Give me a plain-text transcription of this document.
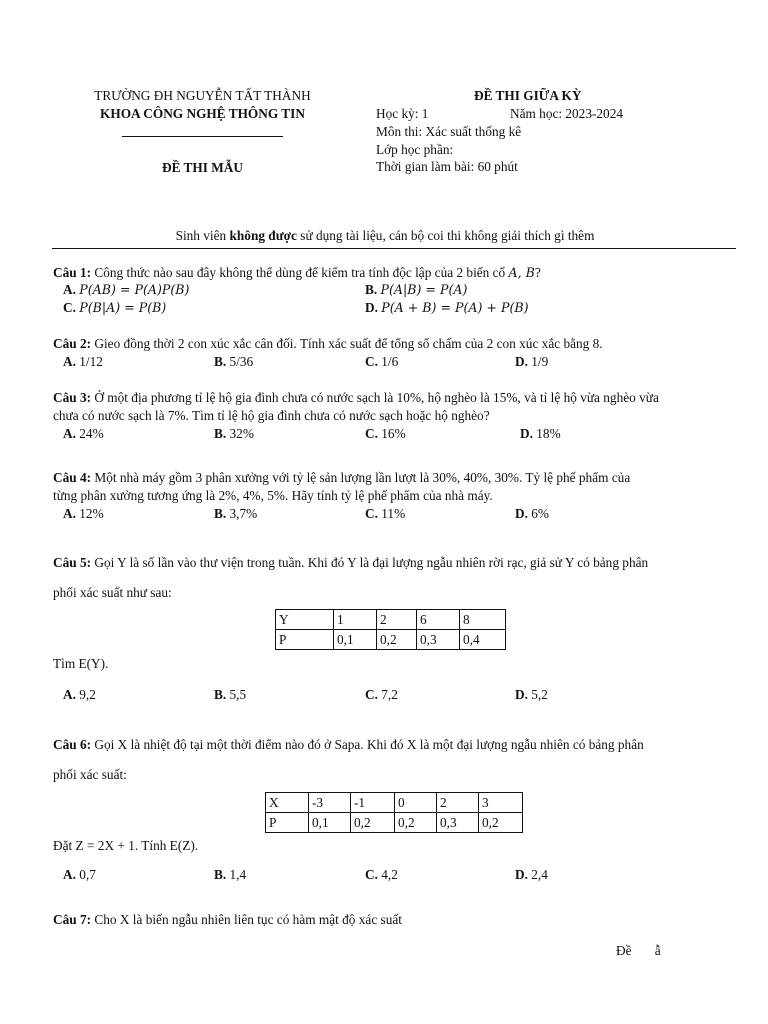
TRƯỜNG ĐH NGUYỄN TẤT THÀNH
KHOA CÔNG NGHỆ THÔNG TIN
ĐỀ THI MẪU
ĐỀ THI GIỮA KỲ
Học kỳ: 1	Năm học: 2023-2024
Môn thi: Xác suất thống kê
Lớp học phần:
Thời gian làm bài: 60 phút
Sinh viên không được sử dụng tài liệu, cán bộ coi thi không giải thích gì thêm
Câu 1: Công thức nào sau đây không thể dùng để kiểm tra tính độc lập của 2 biến cố A, B?
A. P(AB) = P(A)P(B)	B. P(A|B) = P(A)
C. P(B|A) = P(B)	D. P(A + B) = P(A) + P(B)
Câu 2: Gieo đồng thời 2 con xúc xắc cân đối. Tính xác suất để tổng số chấm của 2 con xúc xắc bằng 8.
A. 1/12	B. 5/36	C. 1/6	D. 1/9
Câu 3: Ở một địa phương tỉ lệ hộ gia đình chưa có nước sạch là 10%, hộ nghèo là 15%, và tỉ lệ hộ vừa nghèo vừa
chưa có nước sạch là 7%. Tìm tỉ lệ hộ gia đình chưa có nước sạch hoặc hộ nghèo?
A. 24%	B. 32%	C. 16%	D. 18%
Câu 4: Một nhà máy gồm 3 phân xưởng với tỷ lệ sản lượng lần lượt là 30%, 40%, 30%. Tỷ lệ phế phẩm của
từng phân xưởng tương ứng là 2%, 4%, 5%. Hãy tính tỷ lệ phế phẩm của nhà máy.
A. 12%	B. 3,7%	C. 11%	D. 6%
Câu 5: Gọi Y là số lần vào thư viện trong tuần. Khi đó Y là đại lượng ngẫu nhiên rời rạc, giả sử Y có bảng phân
phối xác suất như sau:
Y	1	2	6	8
P	0,1	0,2	0,3	0,4
Tìm E(Y).
A. 9,2	B. 5,5	C. 7,2	D. 5,2
Câu 6: Gọi X là nhiệt độ tại một thời điểm nào đó ở Sapa. Khi đó X là một đại lượng ngẫu nhiên có bảng phân
phối xác suất:
X	-3	-1	0	2	3
P	0,1	0,2	0,2	0,3	0,2
Đặt Z = 2X + 1. Tính E(Z).
A. 0,7	B. 1,4	C. 4,2	D. 2,4
Câu 7: Cho X là biến ngẫu nhiên liên tục có hàm mật độ xác suất
Đề       ẫ
